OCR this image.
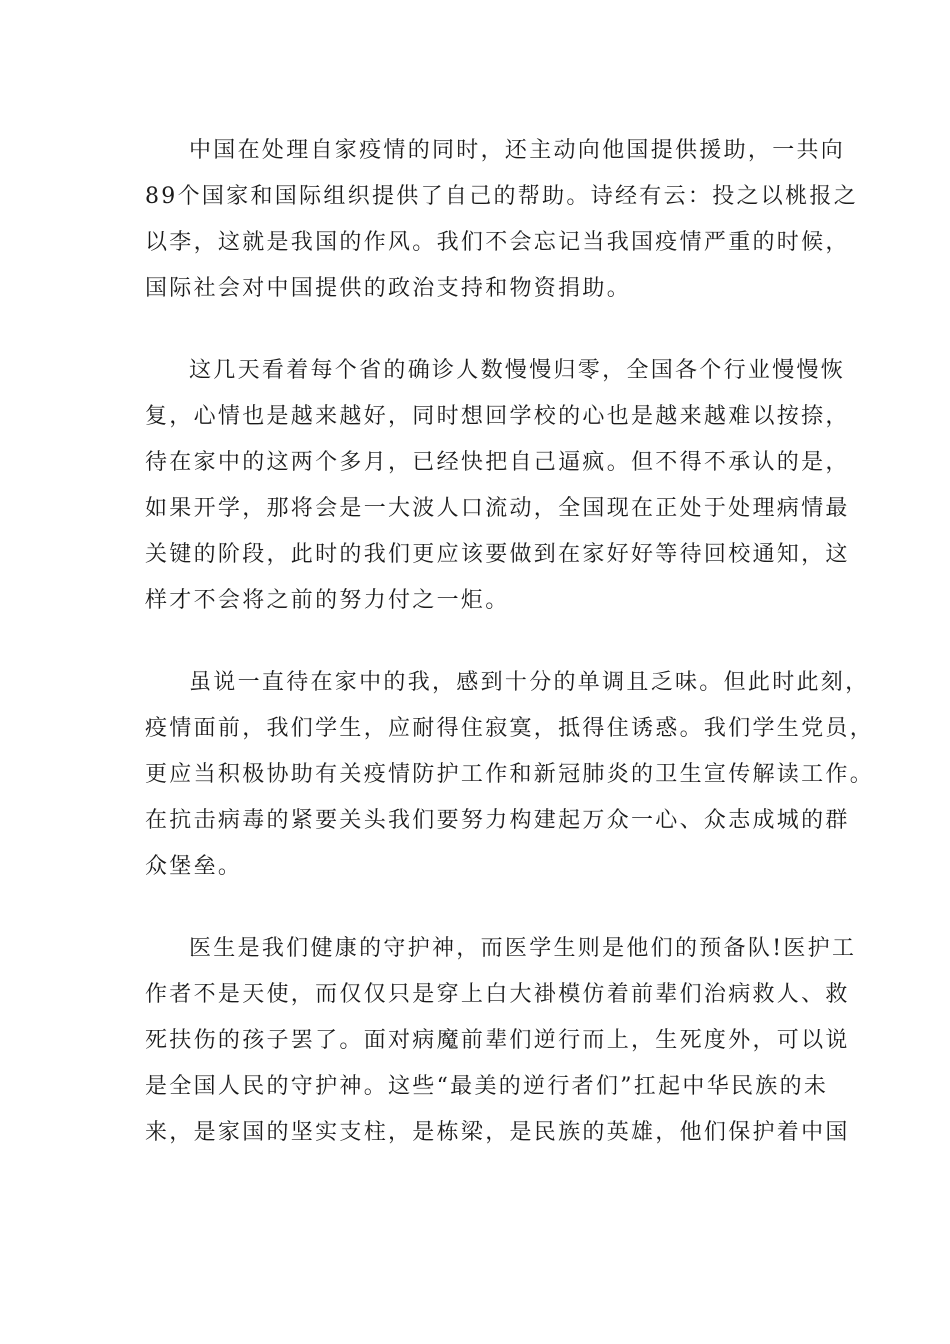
中国在处理自家疫情的同时，还主动向他国提供援助，一共向
89个国家和国际组织提供了自己的帮助。诗经有云：投之以桃报之
以李，这就是我国的作风。我们不会忘记当我国疫情严重的时候，
国际社会对中国提供的政治支持和物资捐助。
这几天看着每个省的确诊人数慢慢归零，全国各个行业慢慢恢
复，心情也是越来越好，同时想回学校的心也是越来越难以按捺，
待在家中的这两个多月，已经快把自己逼疯。但不得不承认的是，
如果开学，那将会是一大波人口流动，全国现在正处于处理病情最
关键的阶段，此时的我们更应该要做到在家好好等待回校通知，这
样才不会将之前的努力付之一炬。
虽说一直待在家中的我，感到十分的单调且乏味。但此时此刻，
疫情面前，我们学生，应耐得住寂寞，抵得住诱惑。我们学生党员，
更应当积极协助有关疫情防护工作和新冠肺炎的卫生宣传解读工作。
在抗击病毒的紧要关头我们要努力构建起万众一心、众志成城的群
众堡垒。
医生是我们健康的守护神，而医学生则是他们的预备队!医护工
作者不是天使，而仅仅只是穿上白大褂模仿着前辈们治病救人、救
死扶伤的孩子罢了。面对病魔前辈们逆行而上，生死度外，可以说
是全国人民的守护神。这些“最美的逆行者们”扛起中华民族的未
来，是家国的坚实支柱，是栋梁，是民族的英雄，他们保护着中国
